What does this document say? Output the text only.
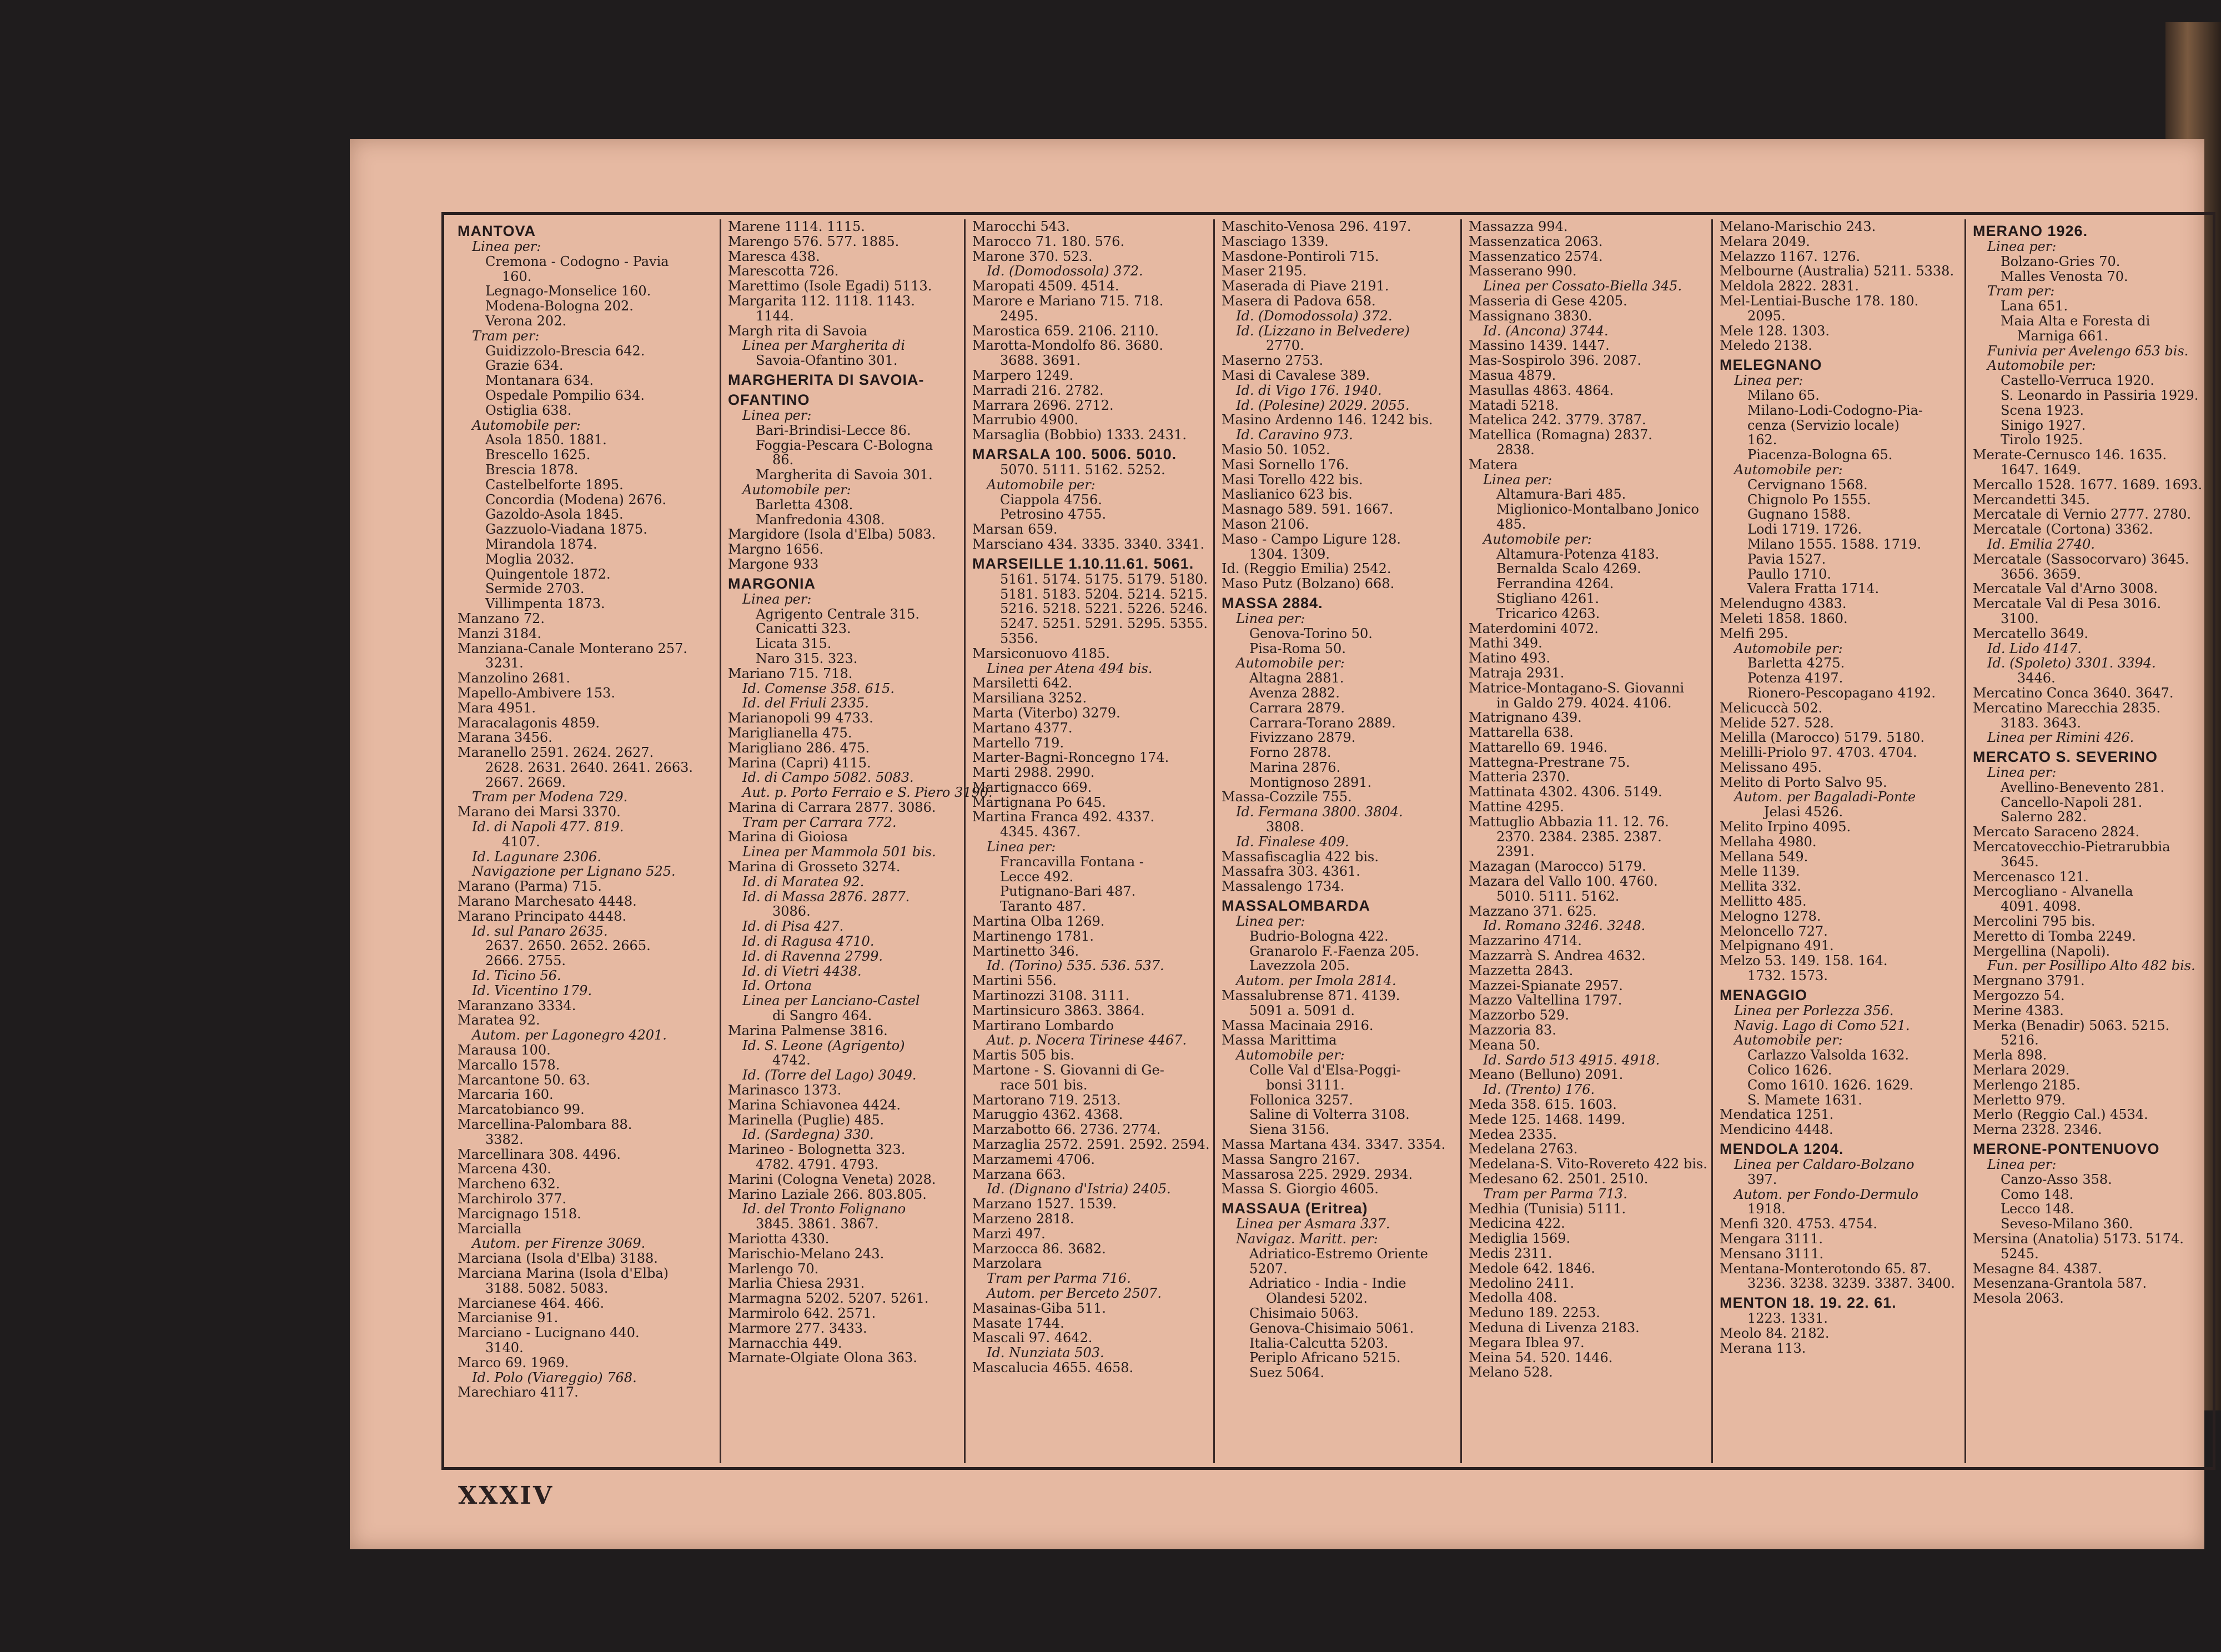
MANTOVA
Linea per:
Cremona - Codogno - Pavia
160.
Legnago-Monselice 160.
Modena-Bologna 202.
Verona 202.
Tram per:
Guidizzolo-Brescia 642.
Grazie 634.
Montanara 634.
Ospedale Pompilio 634.
Ostiglia 638.
Automobile per:
Asola 1850. 1881.
Brescello 1625.
Brescia 1878.
Castelbelforte 1895.
Concordia (Modena) 2676.
Gazoldo-Asola 1845.
Gazzuolo-Viadana 1875.
Mirandola 1874.
Moglia 2032.
Quingentole 1872.
Sermide 2703.
Villimpenta 1873.
Manzano 72.
Manzi 3184.
Manziana-Canale Monterano 257.
3231.
Manzolino 2681.
Mapello-Ambivere 153.
Mara 4951.
Maracalagonis 4859.
Marana 3456.
Maranello 2591. 2624. 2627.
2628. 2631. 2640. 2641. 2663.
2667. 2669.
Tram per Modena 729.
Marano dei Marsi 3370.
Id. di Napoli 477. 819.
4107.
Id. Lagunare 2306.
Navigazione per Lignano 525.
Marano (Parma) 715.
Marano Marchesato 4448.
Marano Principato 4448.
Id. sul Panaro 2635.
2637. 2650. 2652. 2665.
2666. 2755.
Id. Ticino 56.
Id. Vicentino 179.
Maranzano 3334.
Maratea 92.
Autom. per Lagonegro 4201.
Marausa 100.
Marcallo 1578.
Marcantone 50. 63.
Marcaria 160.
Marcatobianco 99.
Marcellina-Palombara 88.
3382.
Marcellinara 308. 4496.
Marcena 430.
Marcheno 632.
Marchirolo 377.
Marcignago 1518.
Marcialla
Autom. per Firenze 3069.
Marciana (Isola d'Elba) 3188.
Marciana Marina (Isola d'Elba)
3188. 5082. 5083.
Marcianese 464. 466.
Marcianise 91.
Marciano - Lucignano 440.
3140.
Marco 69. 1969.
Id. Polo (Viareggio) 768.
Marechiaro 4117.
Marene 1114. 1115.
Marengo 576. 577. 1885.
Maresca 438.
Marescotta 726.
Marettimo (Isole Egadi) 5113.
Margarita 112. 1118. 1143.
1144.
Margh rita di Savoia
Linea per Margherita di
Savoia-Ofantino 301.
MARGHERITA DI SAVOIA-
OFANTINO
Linea per:
Bari-Brindisi-Lecce 86.
Foggia-Pescara C-Bologna
86.
Margherita di Savoia 301.
Automobile per:
Barletta 4308.
Manfredonia 4308.
Margidore (Isola d'Elba) 5083.
Margno 1656.
Margone 933
MARGONIA
Linea per:
Agrigento Centrale 315.
Canicatti 323.
Licata 315.
Naro 315. 323.
Mariano 715. 718.
Id. Comense 358. 615.
Id. del Friuli 2335.
Marianopoli 99 4733.
Mariglianella 475.
Marigliano 286. 475.
Marina (Capri) 4115.
Id. di Campo 5082. 5083.
Aut. p. Porto Ferraio e S. Piero 3190.
Marina di Carrara 2877. 3086.
Tram per Carrara 772.
Marina di Gioiosa
Linea per Mammola 501 bis.
Marina di Grosseto 3274.
Id. di Maratea 92.
Id. di Massa 2876. 2877.
3086.
Id. di Pisa 427.
Id. di Ragusa 4710.
Id. di Ravenna 2799.
Id. di Vietri 4438.
Id. Ortona
Linea per Lanciano-Castel
di Sangro 464.
Marina Palmense 3816.
Id. S. Leone (Agrigento)
4742.
Id. (Torre del Lago) 3049.
Marinasco 1373.
Marina Schiavonea 4424.
Marinella (Puglie) 485.
Id. (Sardegna) 330.
Marineo - Bolognetta 323.
4782. 4791. 4793.
Marini (Cologna Veneta) 2028.
Marino Laziale 266. 803.805.
Id. del Tronto Folignano
3845. 3861. 3867.
Mariotta 4330.
Marischio-Melano 243.
Marlengo 70.
Marlia Chiesa 2931.
Marmagna 5202. 5207. 5261.
Marmirolo 642. 2571.
Marmore 277. 3433.
Marnacchia 449.
Marnate-Olgiate Olona 363.
Marocchi 543.
Marocco 71. 180. 576.
Marone 370. 523.
Id. (Domodossola) 372.
Maropati 4509. 4514.
Marore e Mariano 715. 718.
2495.
Marostica 659. 2106. 2110.
Marotta-Mondolfo 86. 3680.
3688. 3691.
Marpero 1249.
Marradi 216. 2782.
Marrara 2696. 2712.
Marrubio 4900.
Marsaglia (Bobbio) 1333. 2431.
MARSALA 100. 5006. 5010.
5070. 5111. 5162. 5252.
Automobile per:
Ciappola 4756.
Petrosino 4755.
Marsan 659.
Marsciano 434. 3335. 3340. 3341.
MARSEILLE 1.10.11.61. 5061.
5161. 5174. 5175. 5179. 5180.
5181. 5183. 5204. 5214. 5215.
5216. 5218. 5221. 5226. 5246.
5247. 5251. 5291. 5295. 5355.
5356.
Marsiconuovo 4185.
Linea per Atena 494 bis.
Marsiletti 642.
Marsiliana 3252.
Marta (Viterbo) 3279.
Martano 4377.
Martello 719.
Marter-Bagni-Roncegno 174.
Marti 2988. 2990.
Martignacco 669.
Martignana Po 645.
Martina Franca 492. 4337.
4345. 4367.
Linea per:
Francavilla Fontana -
Lecce 492.
Putignano-Bari 487.
Taranto 487.
Martina Olba 1269.
Martinengo 1781.
Martinetto 346.
Id. (Torino) 535. 536. 537.
Martini 556.
Martinozzi 3108. 3111.
Martinsicuro 3863. 3864.
Martirano Lombardo
Aut. p. Nocera Tirinese 4467.
Martis 505 bis.
Martone - S. Giovanni di Ge-
race 501 bis.
Martorano 719. 2513.
Maruggio 4362. 4368.
Marzabotto 66. 2736. 2774.
Marzaglia 2572. 2591. 2592. 2594.
Marzamemi 4706.
Marzana 663.
Id. (Dignano d'Istria) 2405.
Marzano 1527. 1539.
Marzeno 2818.
Marzi 497.
Marzocca 86. 3682.
Marzolara
Tram per Parma 716.
Autom. per Berceto 2507.
Masainas-Giba 511.
Masate 1744.
Mascali 97. 4642.
Id. Nunziata 503.
Mascalucia 4655. 4658.
Maschito-Venosa 296. 4197.
Masciago 1339.
Masdone-Pontiroli 715.
Maser 2195.
Maserada di Piave 2191.
Masera di Padova 658.
Id. (Domodossola) 372.
Id. (Lizzano in Belvedere)
2770.
Maserno 2753.
Masi di Cavalese 389.
Id. di Vigo 176. 1940.
Id. (Polesine) 2029. 2055.
Masino Ardenno 146. 1242 bis.
Id. Caravino 973.
Masio 50. 1052.
Masi Sornello 176.
Masi Torello 422 bis.
Maslianico 623 bis.
Masnago 589. 591. 1667.
Mason 2106.
Maso - Campo Ligure 128.
1304. 1309.
Id. (Reggio Emilia) 2542.
Maso Putz (Bolzano) 668.
MASSA 2884.
Linea per:
Genova-Torino 50.
Pisa-Roma 50.
Automobile per:
Altagna 2881.
Avenza 2882.
Carrara 2879.
Carrara-Torano 2889.
Fivizzano 2879.
Forno 2878.
Marina 2876.
Montignoso 2891.
Massa-Cozzile 755.
Id. Fermana 3800. 3804.
3808.
Id. Finalese 409.
Massafiscaglia 422 bis.
Massafra 303. 4361.
Massalengo 1734.
MASSALOMBARDA
Linea per:
Budrio-Bologna 422.
Granarolo F.-Faenza 205.
Lavezzola 205.
Autom. per Imola 2814.
Massalubrense 871. 4139.
5091 a. 5091 d.
Massa Macinaia 2916.
Massa Marittima
Automobile per:
Colle Val d'Elsa-Poggi-
bonsi 3111.
Follonica 3257.
Saline di Volterra 3108.
Siena 3156.
Massa Martana 434. 3347. 3354.
Massa Sangro 2167.
Massarosa 225. 2929. 2934.
Massa S. Giorgio 4605.
MASSAUA (Eritrea)
Linea per Asmara 337.
Navigaz. Maritt. per:
Adriatico-Estremo Oriente
5207.
Adriatico - India - Indie
Olandesi 5202.
Chisimaio 5063.
Genova-Chisimaio 5061.
Italia-Calcutta 5203.
Periplo Africano 5215.
Suez 5064.
Massazza 994.
Massenzatica 2063.
Massenzatico 2574.
Masserano 990.
Linea per Cossato-Biella 345.
Masseria di Gese 4205.
Massignano 3830.
Id. (Ancona) 3744.
Massino 1439. 1447.
Mas-Sospirolo 396. 2087.
Masua 4879.
Masullas 4863. 4864.
Matadi 5218.
Matelica 242. 3779. 3787.
Matellica (Romagna) 2837.
2838.
Matera
Linea per:
Altamura-Bari 485.
Miglionico-Montalbano Jonico
485.
Automobile per:
Altamura-Potenza 4183.
Bernalda Scalo 4269.
Ferrandina 4264.
Stigliano 4261.
Tricarico 4263.
Materdomini 4072.
Mathi 349.
Matino 493.
Matraja 2931.
Matrice-Montagano-S. Giovanni
in Galdo 279. 4024. 4106.
Matrignano 439.
Mattarella 638.
Mattarello 69. 1946.
Mattegna-Prestrane 75.
Matteria 2370.
Mattinata 4302. 4306. 5149.
Mattine 4295.
Mattuglio Abbazia 11. 12. 76.
2370. 2384. 2385. 2387.
2391.
Mazagan (Marocco) 5179.
Mazara del Vallo 100. 4760.
5010. 5111. 5162.
Mazzano 371. 625.
Id. Romano 3246. 3248.
Mazzarino 4714.
Mazzarrà S. Andrea 4632.
Mazzetta 2843.
Mazzei-Spianate 2957.
Mazzo Valtellina 1797.
Mazzorbo 529.
Mazzoria 83.
Meana 50.
Id. Sardo 513 4915. 4918.
Meano (Belluno) 2091.
Id. (Trento) 176.
Meda 358. 615. 1603.
Mede 125. 1468. 1499.
Medea 2335.
Medelana 2763.
Medelana-S. Vito-Rovereto 422 bis.
Medesano 62. 2501. 2510.
Tram per Parma 713.
Medhia (Tunisia) 5111.
Medicina 422.
Mediglia 1569.
Medis 2311.
Medole 642. 1846.
Medolino 2411.
Medolla 408.
Meduno 189. 2253.
Meduna di Livenza 2183.
Megara Iblea 97.
Meina 54. 520. 1446.
Melano 528.
Melano-Marischio 243.
Melara 2049.
Melazzo 1167. 1276.
Melbourne (Australia) 5211. 5338.
Meldola 2822. 2831.
Mel-Lentiai-Busche 178. 180.
2095.
Mele 128. 1303.
Meledo 2138.
MELEGNANO
Linea per:
Milano 65.
Milano-Lodi-Codogno-Pia-
cenza (Servizio locale)
162.
Piacenza-Bologna 65.
Automobile per:
Cervignano 1568.
Chignolo Po 1555.
Gugnano 1588.
Lodi 1719. 1726.
Milano 1555. 1588. 1719.
Pavia 1527.
Paullo 1710.
Valera Fratta 1714.
Melendugno 4383.
Meleti 1858. 1860.
Melfi 295.
Automobile per:
Barletta 4275.
Potenza 4197.
Rionero-Pescopagano 4192.
Melicuccà 502.
Melide 527. 528.
Melilla (Marocco) 5179. 5180.
Melilli-Priolo 97. 4703. 4704.
Melissano 495.
Melito di Porto Salvo 95.
Autom. per Bagaladi-Ponte
Jelasi 4526.
Melito Irpino 4095.
Mellaha 4980.
Mellana 549.
Melle 1139.
Mellita 332.
Mellitto 485.
Melogno 1278.
Meloncello 727.
Melpignano 491.
Melzo 53. 149. 158. 164.
1732. 1573.
MENAGGIO
Linea per Porlezza 356.
Navig. Lago di Como 521.
Automobile per:
Carlazzo Valsolda 1632.
Colico 1626.
Como 1610. 1626. 1629.
S. Mamete 1631.
Mendatica 1251.
Mendicino 4448.
MENDOLA 1204.
Linea per Caldaro-Bolzano
397.
Autom. per Fondo-Dermulo
1918.
Menfi 320. 4753. 4754.
Mengara 3111.
Mensano 3111.
Mentana-Monterotondo 65. 87.
3236. 3238. 3239. 3387. 3400.
MENTON 18. 19. 22. 61.
1223. 1331.
Meolo 84. 2182.
Merana 113.
MERANO 1926.
Linea per:
Bolzano-Gries 70.
Malles Venosta 70.
Tram per:
Lana 651.
Maia Alta e Foresta di
Marniga 661.
Funivia per Avelengo 653 bis.
Automobile per:
Castello-Verruca 1920.
S. Leonardo in Passiria 1929.
Scena 1923.
Sinigo 1927.
Tirolo 1925.
Merate-Cernusco 146. 1635.
1647. 1649.
Mercallo 1528. 1677. 1689. 1693.
Mercandetti 345.
Mercatale di Vernio 2777. 2780.
Mercatale (Cortona) 3362.
Id. Emilia 2740.
Mercatale (Sassocorvaro) 3645.
3656. 3659.
Mercatale Val d'Arno 3008.
Mercatale Val di Pesa 3016.
3100.
Mercatello 3649.
Id. Lido 4147.
Id. (Spoleto) 3301. 3394.
3446.
Mercatino Conca 3640. 3647.
Mercatino Marecchia 2835.
3183. 3643.
Linea per Rimini 426.
MERCATO S. SEVERINO
Linea per:
Avellino-Benevento 281.
Cancello-Napoli 281.
Salerno 282.
Mercato Saraceno 2824.
Mercatovecchio-Pietrarubbia
3645.
Mercenasco 121.
Mercogliano - Alvanella
4091. 4098.
Mercolini 795 bis.
Meretto di Tomba 2249.
Mergellina (Napoli).
Fun. per Posillipo Alto 482 bis.
Mergnano 3791.
Mergozzo 54.
Merine 4383.
Merka (Benadir) 5063. 5215.
5216.
Merla 898.
Merlara 2029.
Merlengo 2185.
Merletto 979.
Merlo (Reggio Cal.) 4534.
Merna 2328. 2346.
MERONE-PONTENUOVO
Linea per:
Canzo-Asso 358.
Como 148.
Lecco 148.
Seveso-Milano 360.
Mersina (Anatolia) 5173. 5174.
5245.
Mesagne 84. 4387.
Mesenzana-Grantola 587.
Mesola 2063.
XXXIV
